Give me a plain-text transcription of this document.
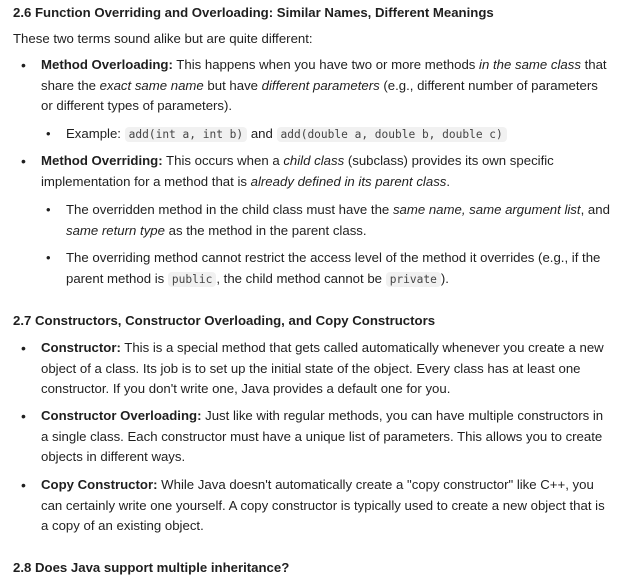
2.6 Function Overriding and Overloading: Similar Names, Different Meanings

These two terms sound alike but are quite different:

• Method Overloading: This happens when you have two or more methods in the same class that share the exact same name but have different parameters (e.g., different number of parameters or different types of parameters).
• Example: add(int a, int b) and add(double a, double b, double c)
• Method Overriding: This occurs when a child class (subclass) provides its own specific implementation for a method that is already defined in its parent class.
• The overridden method in the child class must have the same name, same argument list, and same return type as the method in the parent class.
• The overriding method cannot restrict the access level of the method it overrides (e.g., if the parent method is public , the child method cannot be private ).
2.7 Constructors, Constructor Overloading, and Copy Constructors
• Constructor: This is a special method that gets called automatically whenever you create a new object of a class. Its job is to set up the initial state of the object. Every class has at least one constructor. If you don't write one, Java provides a default one for you.
• Constructor Overloading: Just like with regular methods, you can have multiple constructors in a single class. Each constructor must have a unique list of parameters. This allows you to create objects in different ways.
• Copy Constructor: While Java doesn't automatically create a "copy constructor" like C++, you can certainly write one yourself. A copy constructor is typically used to create a new object that is a copy of an existing object.
2.8 Does Java support multiple inheritance?
